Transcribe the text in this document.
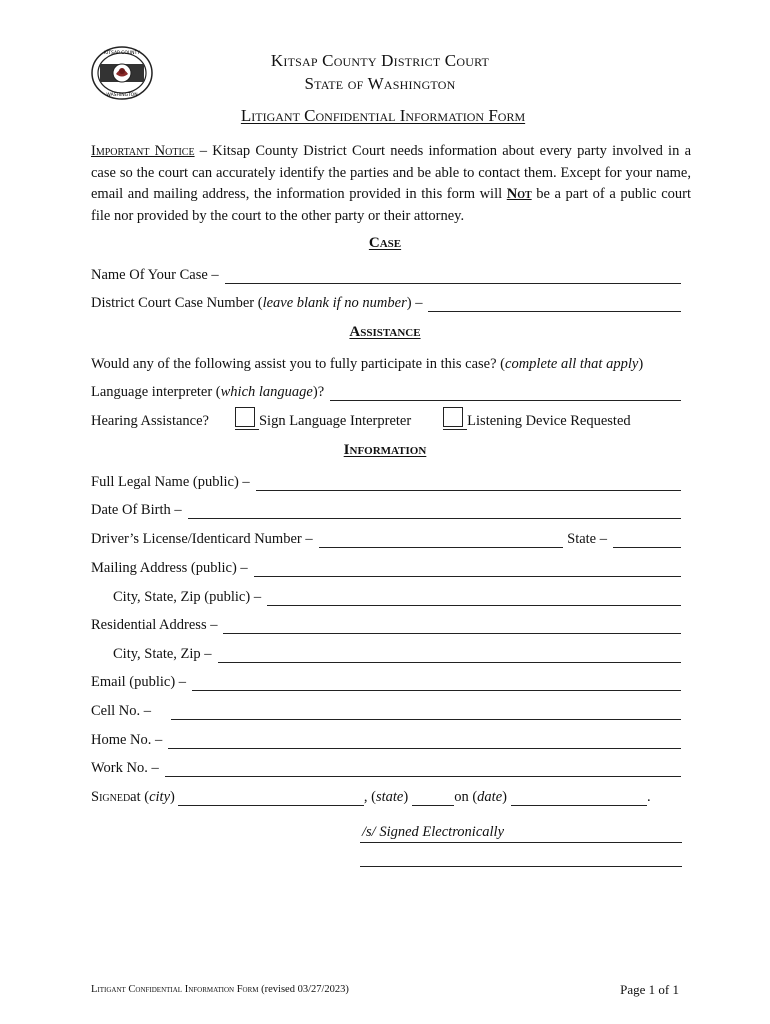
KITSAP COUNTY
WASHINGTON
Kitsap County District Court
State of Washington
Litigant Confidential Information Form
Important Notice – Kitsap County District Court needs information about every party involved in a case so the court can accurately identify the parties and be able to contact them. Except for your name, email and mailing address, the information provided in this form will Not be a part of a public court file nor provided by the court to the other party or their attorney.
Case
Name Of Your Case –
District Court Case Number ( leave blank if no number ) –
Assistance
Would any of the following assist you to fully participate in this case? ( complete all that apply )
Language interpreter ( which language )?
Hearing Assistance?	Sign Language Interpreter	Listening Device Requested
Information
Full Legal Name (public) –
Date Of Birth –
Driver’s License/Identicard Number –	State –
Mailing Address (public) –
City, State, Zip (public) –
Residential Address –
City, State, Zip –
Email (public) –
Cell No. –
Home No. –
Work No. –
Signed at ( city )	, ( state )	on ( date )	.
/s/ Signed Electronically
Litigant Confidential Information Form (revised 03/27/2023)	Page 1 of 1
